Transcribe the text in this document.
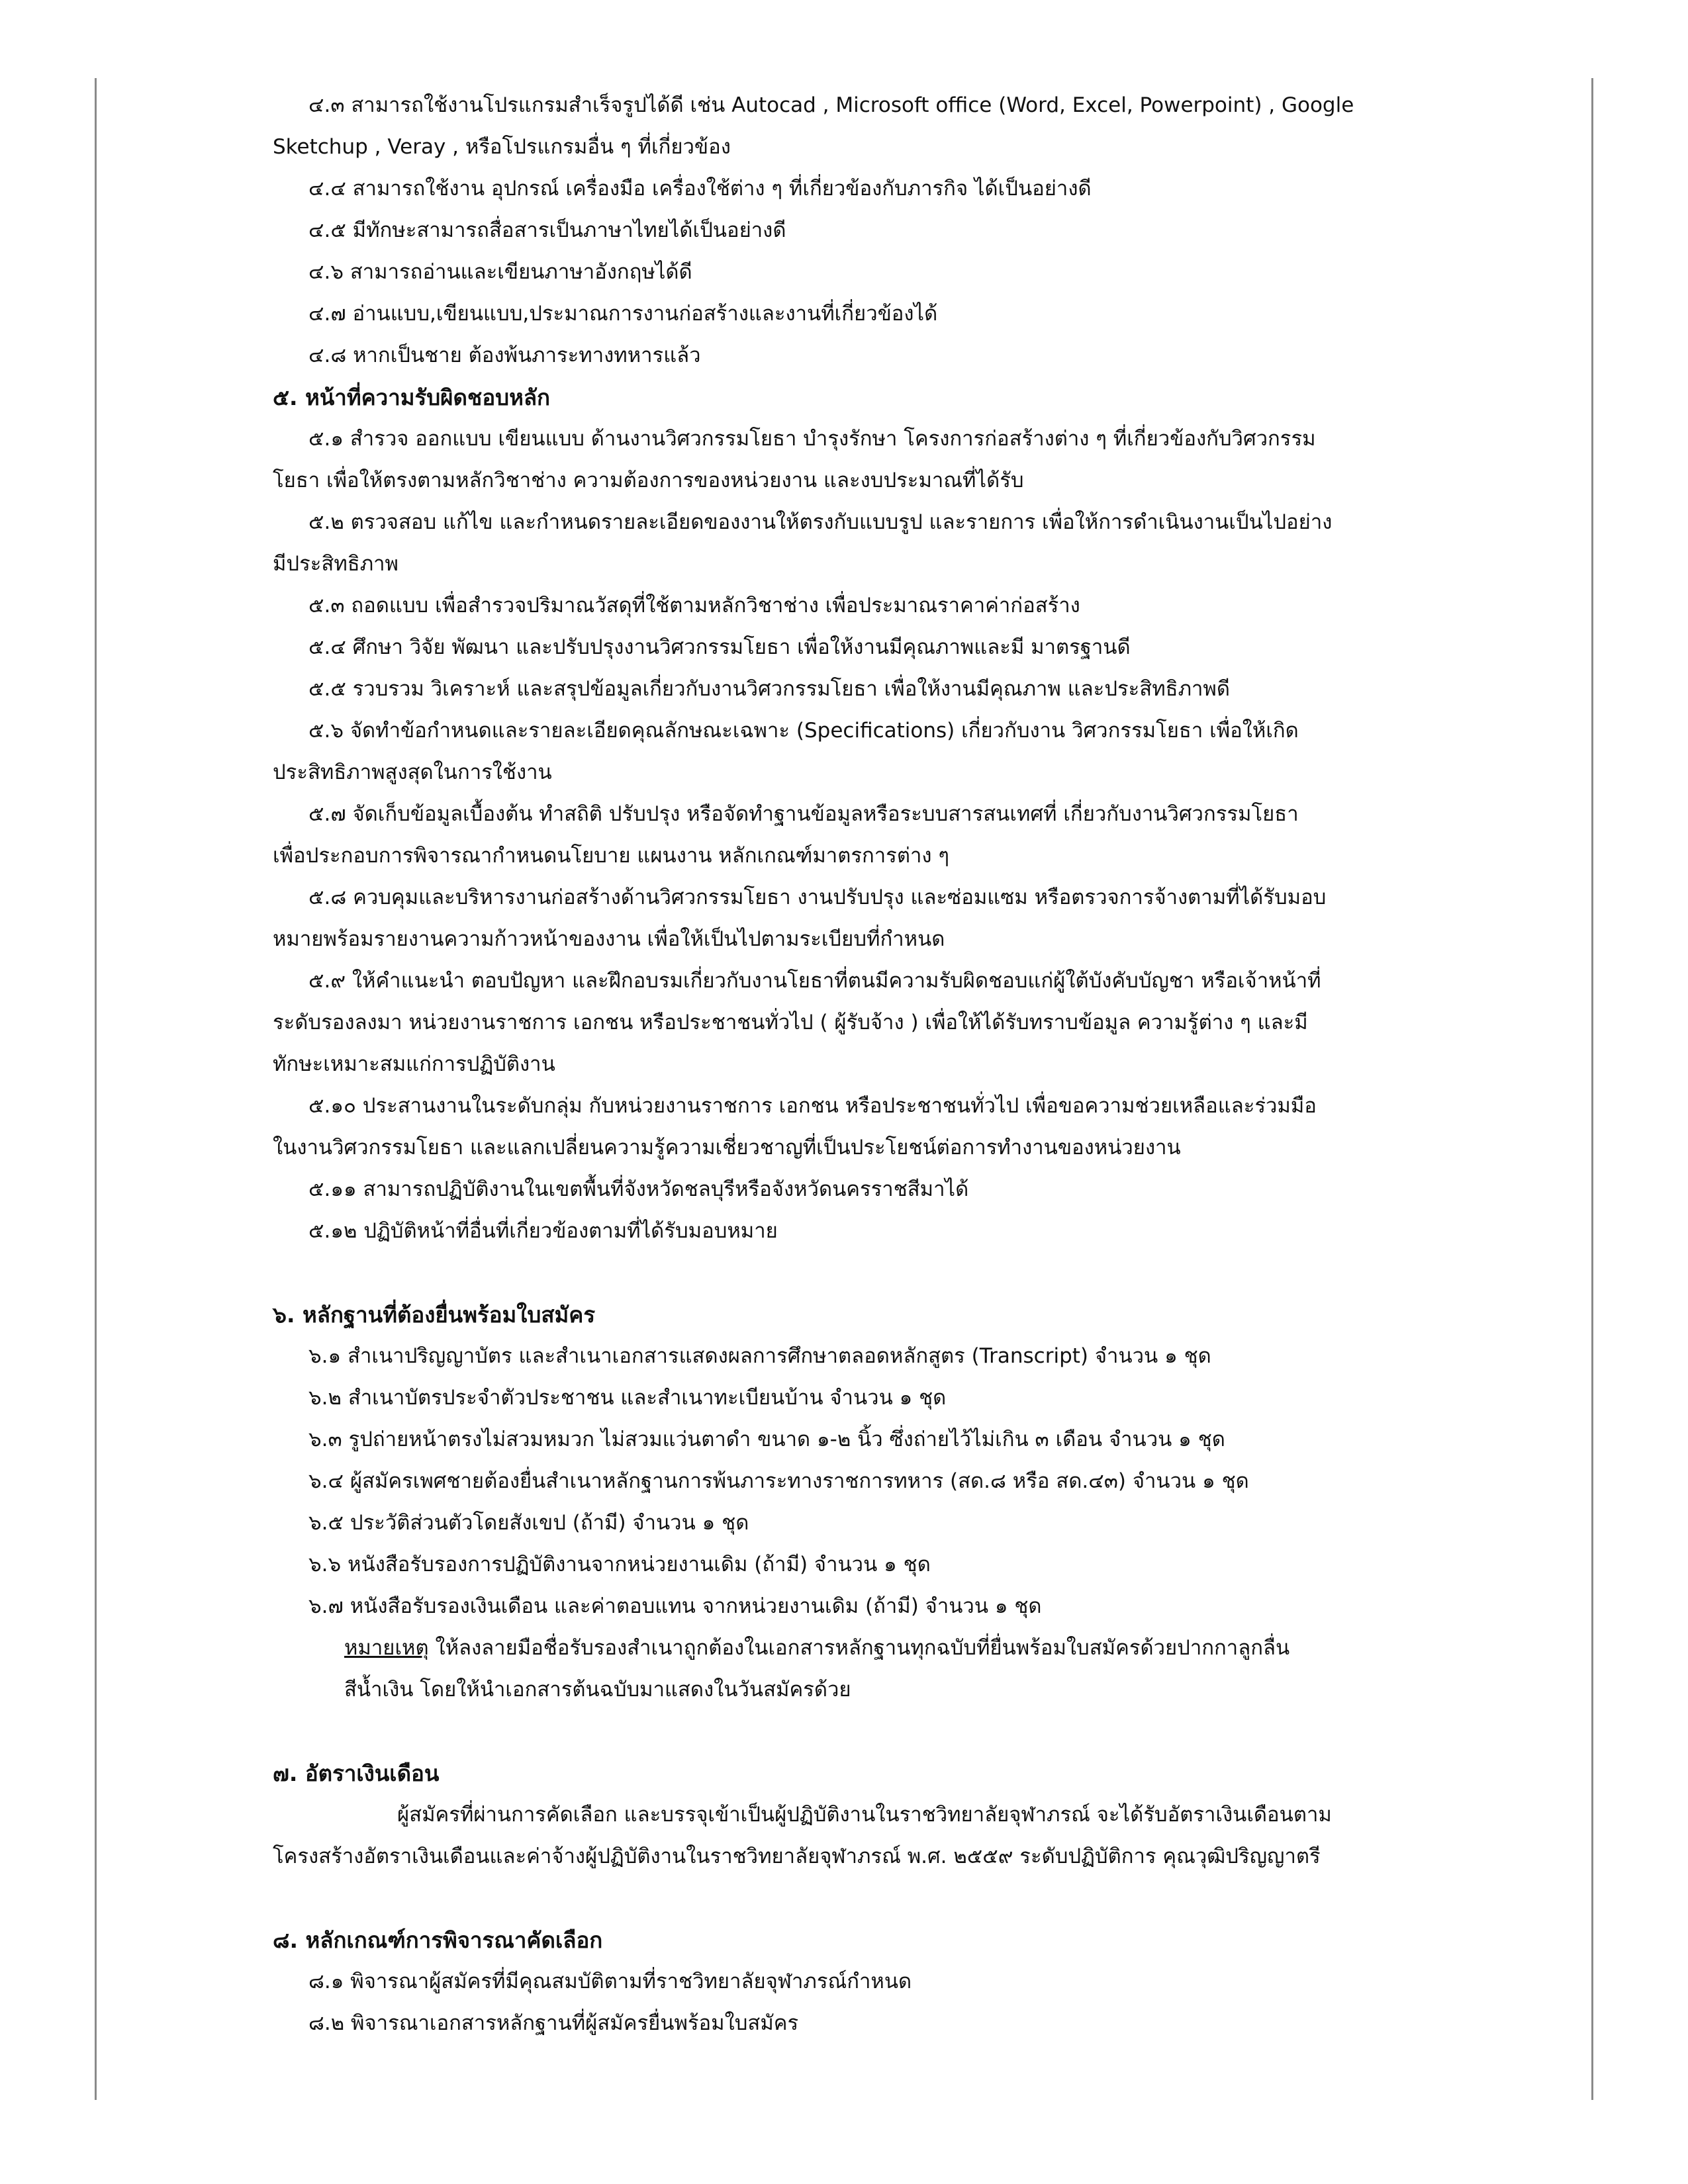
๔.๓ สามารถใช้งานโปรแกรมสำเร็จรูปได้ดี เช่น Autocad , Microsoft office (Word, Excel, Powerpoint) , Google
Sketchup , Veray , หรือโปรแกรมอื่น ๆ ที่เกี่ยวข้อง
๔.๔ สามารถใช้งาน อุปกรณ์ เครื่องมือ เครื่องใช้ต่าง ๆ ที่เกี่ยวข้องกับภารกิจ ได้เป็นอย่างดี
๔.๕ มีทักษะสามารถสื่อสารเป็นภาษาไทยได้เป็นอย่างดี
๔.๖ สามารถอ่านและเขียนภาษาอังกฤษได้ดี
๔.๗ อ่านแบบ,เขียนแบบ,ประมาณการงานก่อสร้างและงานที่เกี่ยวข้องได้
๔.๘ หากเป็นชาย ต้องพ้นภาระทางทหารแล้ว
๕. หน้าที่ความรับผิดชอบหลัก
๕.๑ สำรวจ ออกแบบ เขียนแบบ ด้านงานวิศวกรรมโยธา บำรุงรักษา โครงการก่อสร้างต่าง ๆ ที่เกี่ยวข้องกับวิศวกรรม
โยธา เพื่อให้ตรงตามหลักวิชาช่าง ความต้องการของหน่วยงาน และงบประมาณที่ได้รับ
๕.๒ ตรวจสอบ แก้ไข และกำหนดรายละเอียดของงานให้ตรงกับแบบรูป และรายการ เพื่อให้การดำเนินงานเป็นไปอย่าง
มีประสิทธิภาพ
๕.๓ ถอดแบบ เพื่อสำรวจปริมาณวัสดุที่ใช้ตามหลักวิชาช่าง เพื่อประมาณราคาค่าก่อสร้าง
๕.๔ ศึกษา วิจัย พัฒนา และปรับปรุงงานวิศวกรรมโยธา เพื่อให้งานมีคุณภาพและมี มาตรฐานดี
๕.๕ รวบรวม วิเคราะห์ และสรุปข้อมูลเกี่ยวกับงานวิศวกรรมโยธา เพื่อให้งานมีคุณภาพ และประสิทธิภาพดี
๕.๖ จัดทำข้อกำหนดและรายละเอียดคุณลักษณะเฉพาะ (Specifications) เกี่ยวกับงาน วิศวกรรมโยธา เพื่อให้เกิด
ประสิทธิภาพสูงสุดในการใช้งาน
๕.๗ จัดเก็บข้อมูลเบื้องต้น ทำสถิติ ปรับปรุง หรือจัดทำฐานข้อมูลหรือระบบสารสนเทศที่ เกี่ยวกับงานวิศวกรรมโยธา
เพื่อประกอบการพิจารณากำหนดนโยบาย แผนงาน หลักเกณฑ์มาตรการต่าง ๆ
๕.๘ ควบคุมและบริหารงานก่อสร้างด้านวิศวกรรมโยธา งานปรับปรุง และซ่อมแซม หรือตรวจการจ้างตามที่ได้รับมอบ
หมายพร้อมรายงานความก้าวหน้าของงาน เพื่อให้เป็นไปตามระเบียบที่กำหนด
๕.๙ ให้คำแนะนำ ตอบปัญหา และฝึกอบรมเกี่ยวกับงานโยธาที่ตนมีความรับผิดชอบแก่ผู้ใต้บังคับบัญชา หรือเจ้าหน้าที่
ระดับรองลงมา หน่วยงานราชการ เอกชน หรือประชาชนทั่วไป ( ผู้รับจ้าง ) เพื่อให้ได้รับทราบข้อมูล ความรู้ต่าง ๆ และมี
ทักษะเหมาะสมแก่การปฏิบัติงาน
๕.๑๐ ประสานงานในระดับกลุ่ม กับหน่วยงานราชการ เอกชน หรือประชาชนทั่วไป เพื่อขอความช่วยเหลือและร่วมมือ
ในงานวิศวกรรมโยธา และแลกเปลี่ยนความรู้ความเชี่ยวชาญที่เป็นประโยชน์ต่อการทำงานของหน่วยงาน
๕.๑๑ สามารถปฏิบัติงานในเขตพื้นที่จังหวัดชลบุรีหรือจังหวัดนครราชสีมาได้
๕.๑๒ ปฏิบัติหน้าที่อื่นที่เกี่ยวข้องตามที่ได้รับมอบหมาย
๖. หลักฐานที่ต้องยื่นพร้อมใบสมัคร
๖.๑ สำเนาปริญญาบัตร และสำเนาเอกสารแสดงผลการศึกษาตลอดหลักสูตร (Transcript) จำนวน ๑ ชุด
๖.๒ สำเนาบัตรประจำตัวประชาชน และสำเนาทะเบียนบ้าน จำนวน ๑ ชุด
๖.๓ รูปถ่ายหน้าตรงไม่สวมหมวก ไม่สวมแว่นตาดำ ขนาด ๑-๒ นิ้ว ซึ่งถ่ายไว้ไม่เกิน ๓ เดือน จำนวน ๑ ชุด
๖.๔ ผู้สมัครเพศชายต้องยื่นสำเนาหลักฐานการพ้นภาระทางราชการทหาร (สด.๘ หรือ สด.๔๓) จำนวน ๑ ชุด
๖.๕ ประวัติส่วนตัวโดยสังเขป (ถ้ามี) จำนวน ๑ ชุด
๖.๖ หนังสือรับรองการปฏิบัติงานจากหน่วยงานเดิม (ถ้ามี) จำนวน ๑ ชุด
๖.๗ หนังสือรับรองเงินเดือน และค่าตอบแทน จากหน่วยงานเดิม (ถ้ามี) จำนวน ๑ ชุด
หมายเหตุ ให้ลงลายมือชื่อรับรองสำเนาถูกต้องในเอกสารหลักฐานทุกฉบับที่ยื่นพร้อมใบสมัครด้วยปากกาลูกลื่น
สีน้ำเงิน โดยให้นำเอกสารต้นฉบับมาแสดงในวันสมัครด้วย
๗. อัตราเงินเดือน
ผู้สมัครที่ผ่านการคัดเลือก และบรรจุเข้าเป็นผู้ปฏิบัติงานในราชวิทยาลัยจุฬาภรณ์ จะได้รับอัตราเงินเดือนตาม
โครงสร้างอัตราเงินเดือนและค่าจ้างผู้ปฏิบัติงานในราชวิทยาลัยจุฬาภรณ์ พ.ศ. ๒๕๕๙ ระดับปฏิบัติการ คุณวุฒิปริญญาตรี
๘. หลักเกณฑ์การพิจารณาคัดเลือก
๘.๑ พิจารณาผู้สมัครที่มีคุณสมบัติตามที่ราชวิทยาลัยจุฬาภรณ์กำหนด
๘.๒ พิจารณาเอกสารหลักฐานที่ผู้สมัครยื่นพร้อมใบสมัคร
